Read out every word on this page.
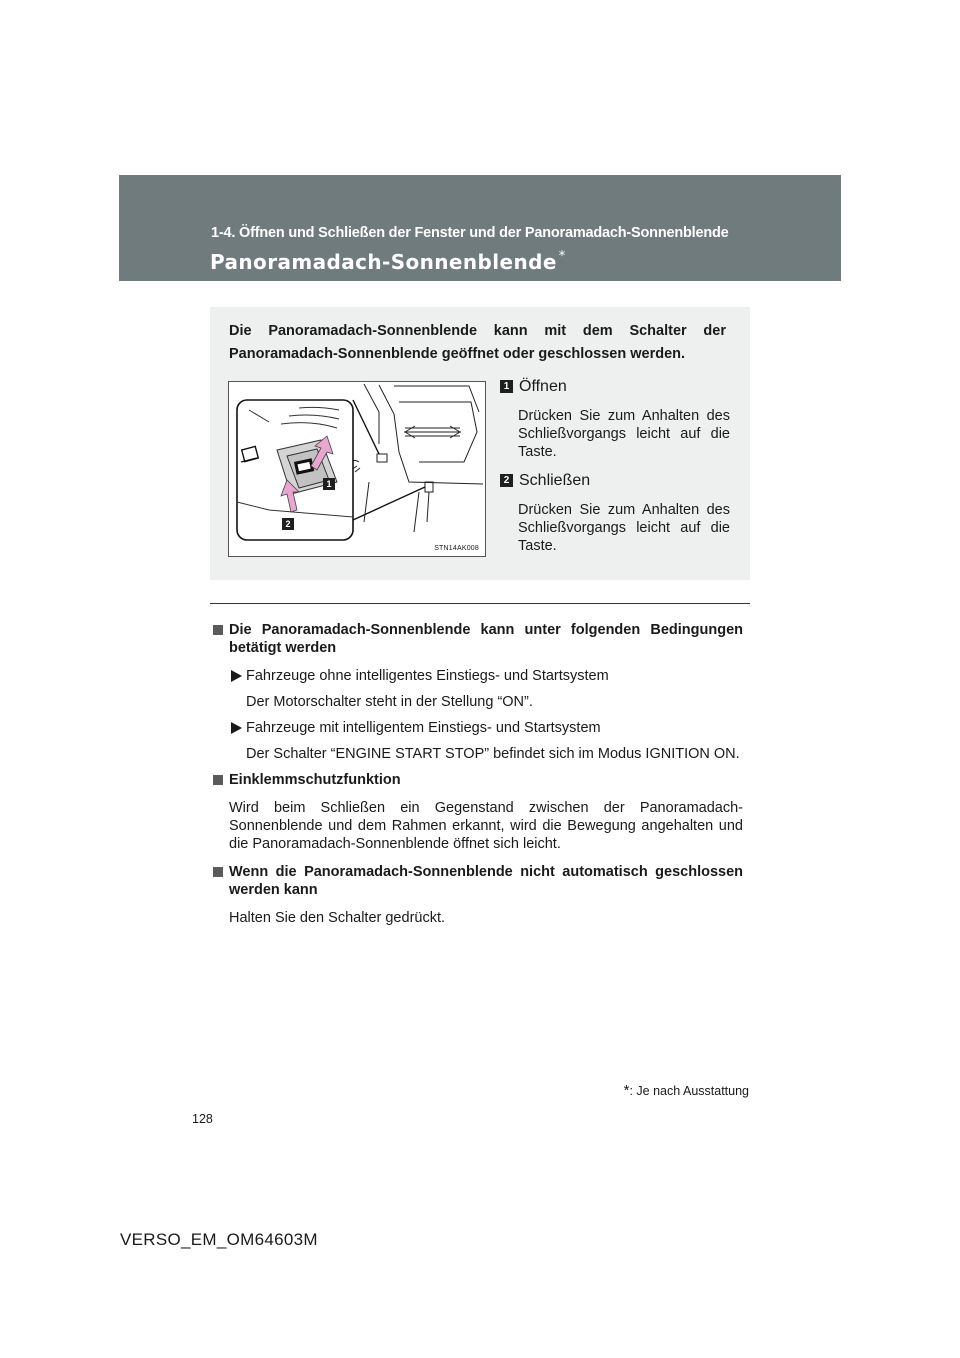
1-4. Öffnen und Schließen der Fenster und der Panoramadach-Sonnenblende
Panoramadach-Sonnenblende *
Die Panoramadach-Sonnenblende kann mit dem Schalter der Panoramadach-Sonnenblende geöffnet oder geschlossen werden.
1
2
STN14AK008
1 Öffnen
Drücken Sie zum Anhalten des Schließvorgangs leicht auf die Taste.
2 Schließen
Drücken Sie zum Anhalten des Schließvorgangs leicht auf die Taste.
Die Panoramadach-Sonnenblende kann unter folgenden Bedingungen betätigt werden
Fahrzeuge ohne intelligentes Einstiegs- und Startsystem
Der Motorschalter steht in der Stellung “ON”.
Fahrzeuge mit intelligentem Einstiegs- und Startsystem
Der Schalter “ENGINE START STOP” befindet sich im Modus IGNITION ON.
Einklemmschutzfunktion
Wird beim Schließen ein Gegenstand zwischen der Panoramadach-Sonnenblende und dem Rahmen erkannt, wird die Bewegung angehalten und die Panoramadach-Sonnenblende öffnet sich leicht.
Wenn die Panoramadach-Sonnenblende nicht automatisch geschlossen werden kann
Halten Sie den Schalter gedrückt.
*: Je nach Ausstattung
128
VERSO_EM_OM64603M
